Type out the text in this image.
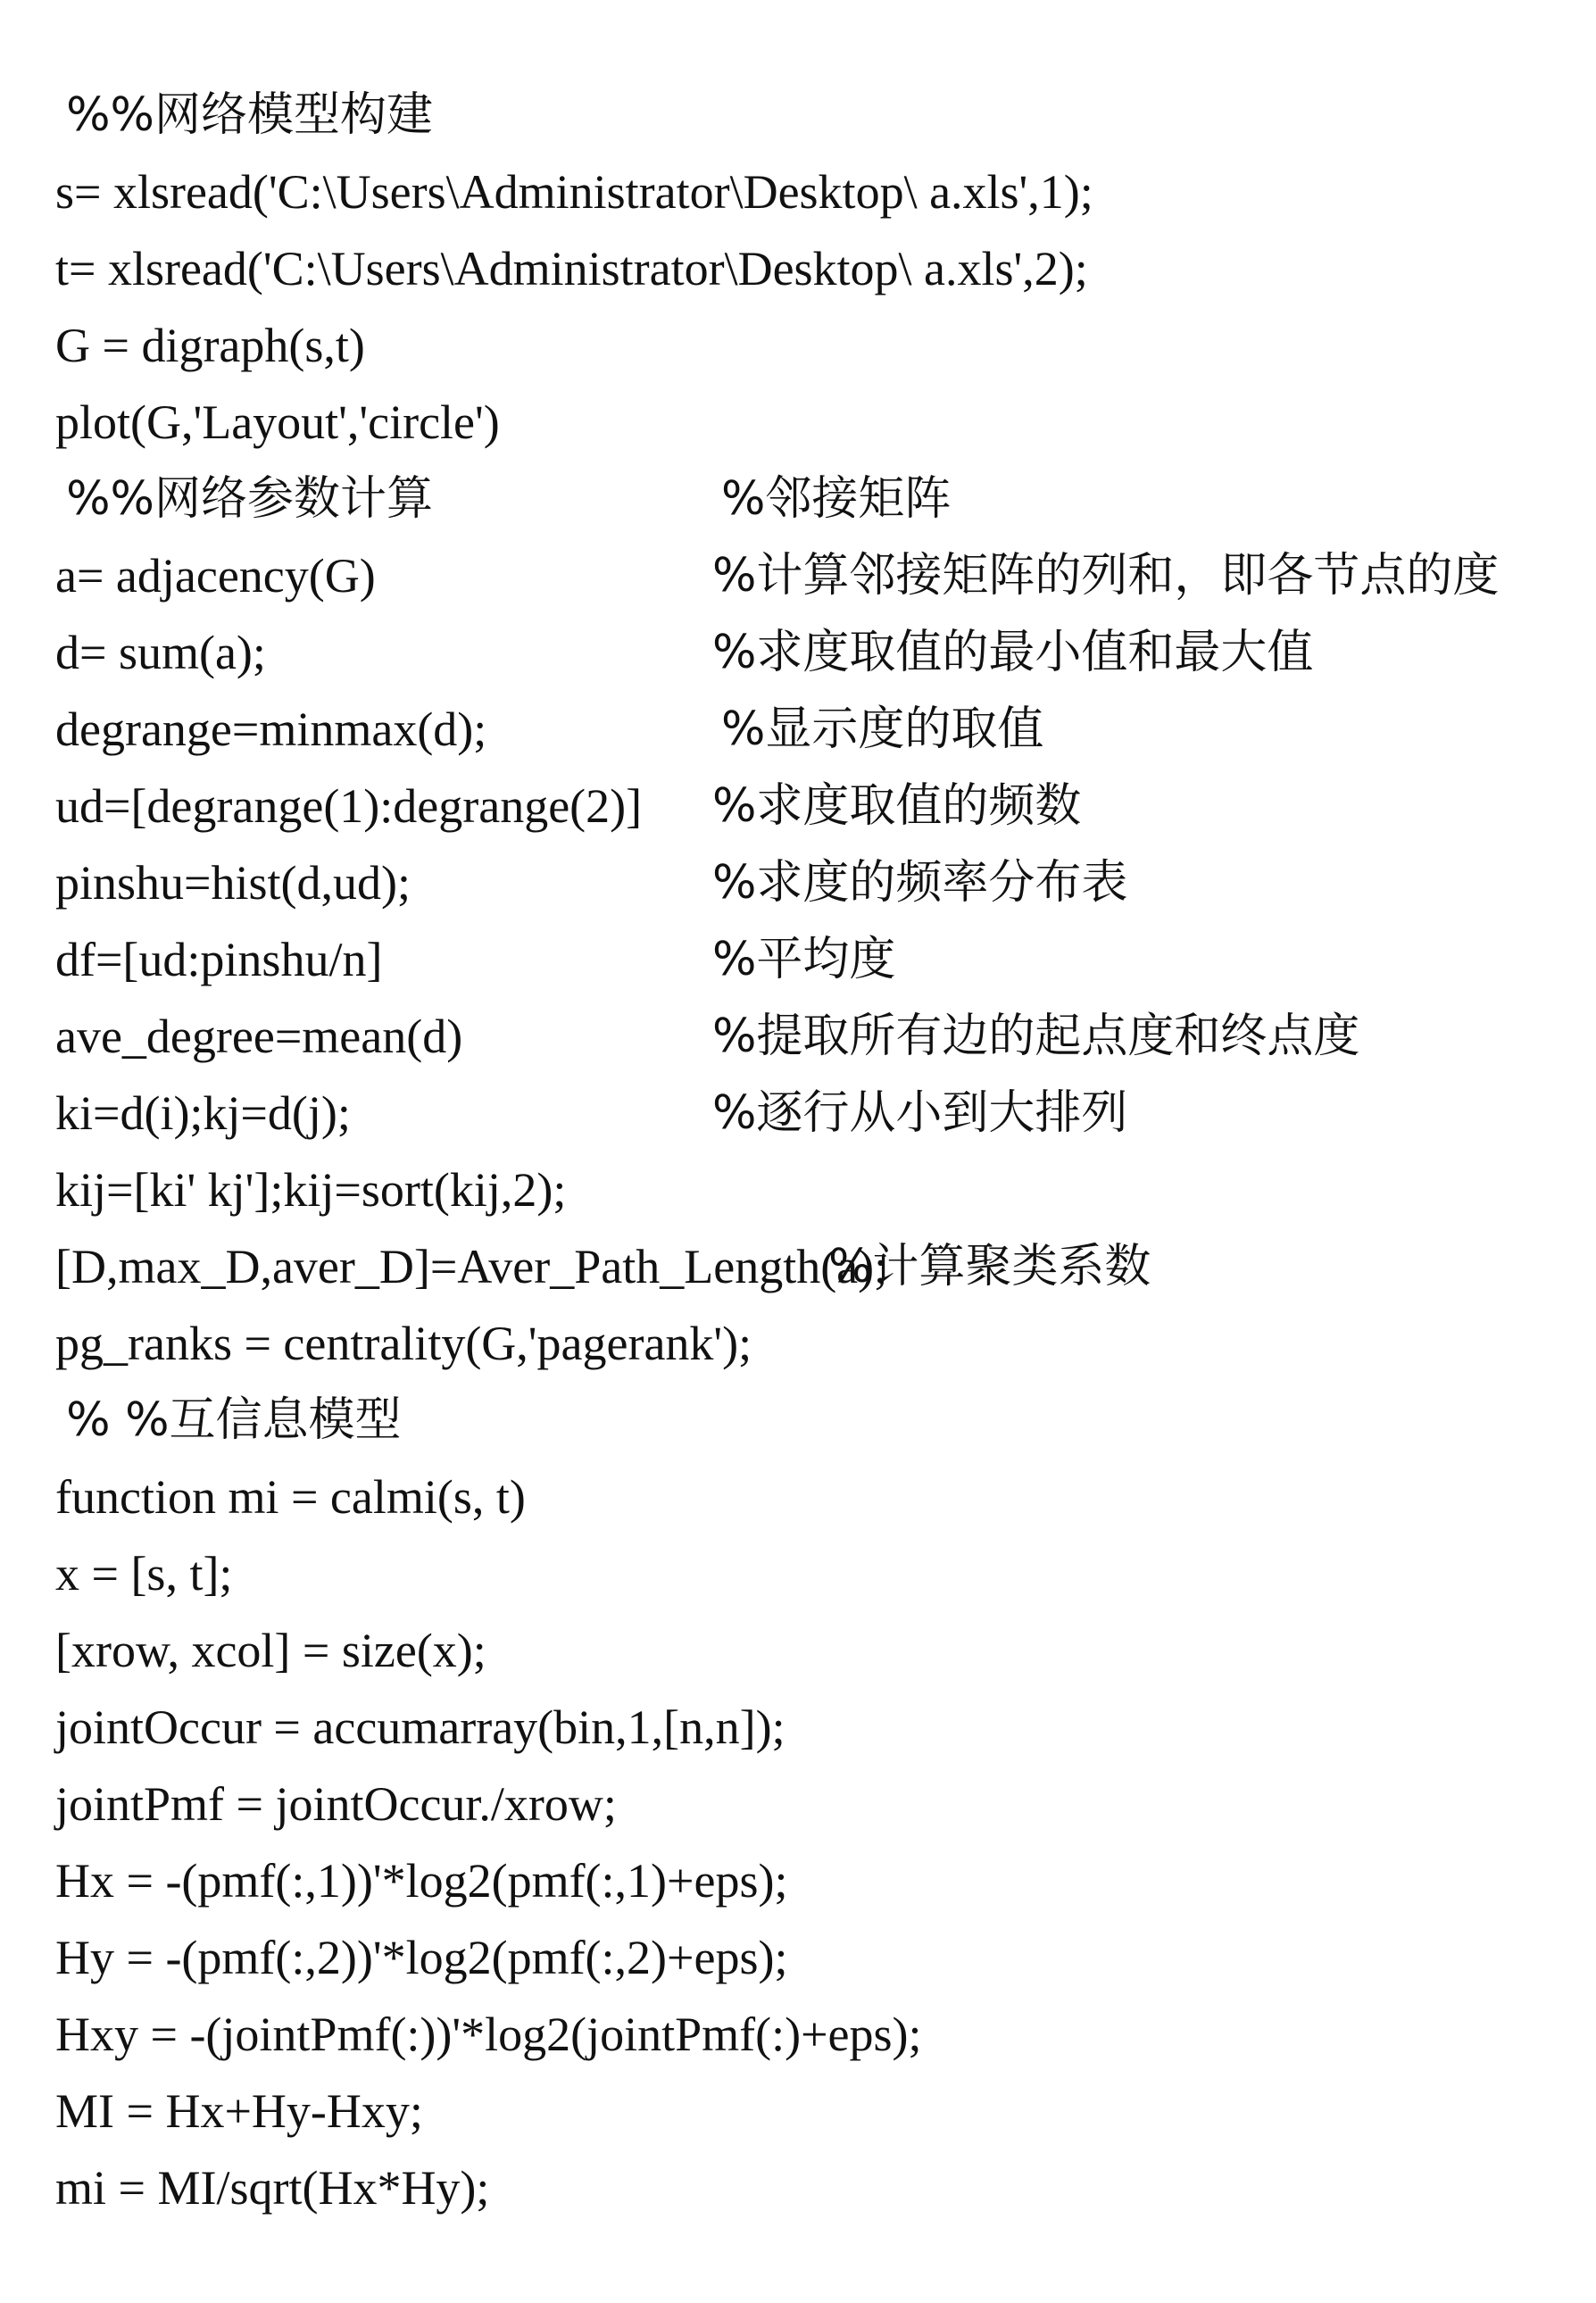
%%网络模型构建

s= xlsread('C:\Users\Administrator\Desktop\ a.xls',1);

t= xlsread('C:\Users\Administrator\Desktop\ a.xls',2);

G = digraph(s,t)

plot(G,'Layout','circle')

%%网络参数计算

a= adjacency(G)

%邻接矩阵

d= sum(a);

%计算邻接矩阵的列和，即各节点的度

degrange=minmax(d);

%求度取值的最小值和最大值

ud=[degrange(1):degrange(2)]

%显示度的取值

pinshu=hist(d,ud);

%求度取值的频数

df=[ud:pinshu/n]

%求度的频率分布表

ave_degree=mean(d)

%平均度

ki=d(i);kj=d(j);

%提取所有边的起点度和终点度

kij=[ki' kj'];kij=sort(kij,2);

%逐行从小到大排列

[D,max_D,aver_D]=Aver_Path_Length(a);

pg_ranks = centrality(G,'pagerank');

%计算聚类系数

% %互信息模型

function mi = calmi(s, t)

x = [s, t];

[xrow, xcol] = size(x);

jointOccur = accumarray(bin,1,[n,n]);

jointPmf = jointOccur./xrow;

Hx = -(pmf(:,1))'*log2(pmf(:,1)+eps);

Hy = -(pmf(:,2))'*log2(pmf(:,2)+eps);

Hxy = -(jointPmf(:))'*log2(jointPmf(:)+eps);

MI = Hx+Hy-Hxy;

mi = MI/sqrt(Hx*Hy);
